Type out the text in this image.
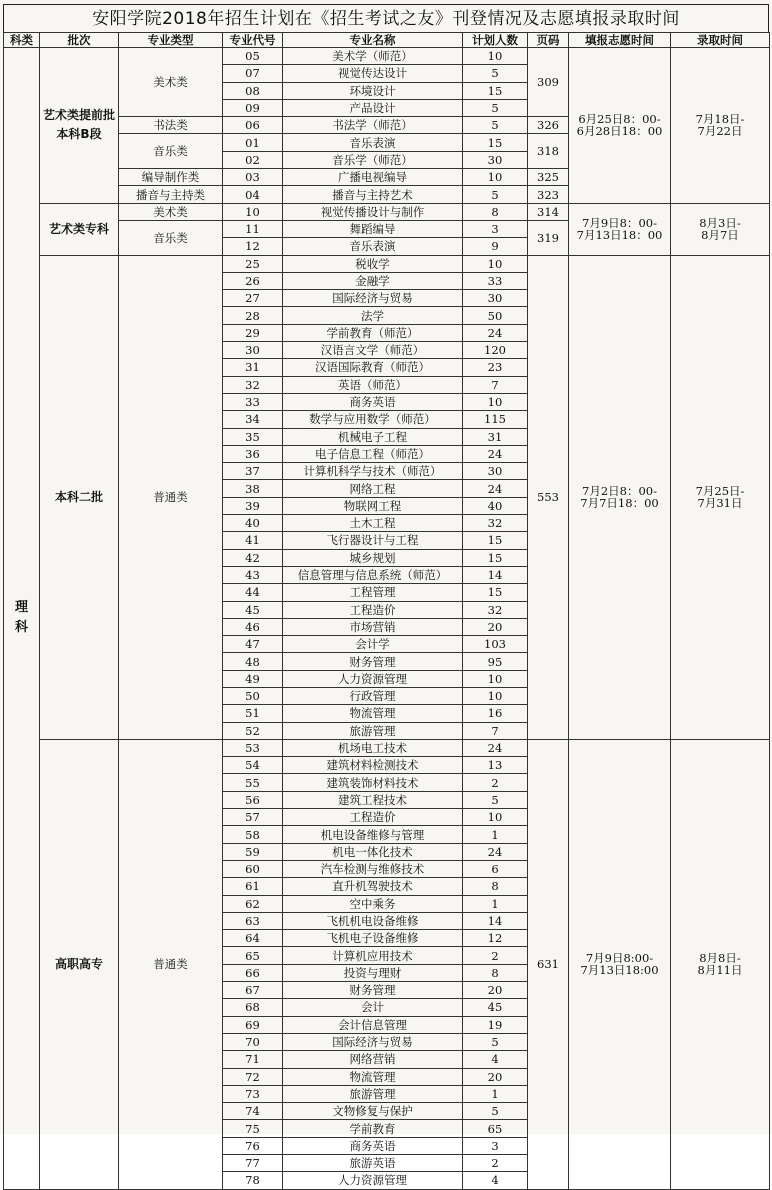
安阳学院2018年招生计划在《招生考试之友》刊登情况及志愿填报录取时间
科类	批次	专业类型	专业代号	专业名称	计划人数	页码	填报志愿时间	录取时间

理
科	艺术类提前批本科B段	美术类	05	美术学（师范）	10	309	6月25日8：00-
6月28日18：00	7月18日-
7月22日

			07	视觉传达设计	5			
			08	环境设计	15			
			09	产品设计	5			
		书法类	06	书法学（师范）	5	326		
		音乐类	01	音乐表演	15	318		
			02	音乐学（师范）	30			
		编导制作类	03	广播电视编导	10	325		
		播音与主持类	04	播音与主持艺术	5	323		
	艺术类专科	美术类	10	视觉传播设计与制作	8	314	7月9日8：00-
7月13日18：00	8月3日-
8月7日

		音乐类	11	舞蹈编导	3	319		
			12	音乐表演	9			
	本科二批	普通类	25	税收学	10	553	7月2日8：00-
7月7日18：00	7月25日-
7月31日

			26	金融学	33			
			27	国际经济与贸易	30			
			28	法学	50			
			29	学前教育（师范）	24			
			30	汉语言文学（师范）	120			
			31	汉语国际教育（师范）	23			
			32	英语（师范）	7			
			33	商务英语	10			
			34	数学与应用数学（师范）	115			
			35	机械电子工程	31			
			36	电子信息工程（师范）	24			
			37	计算机科学与技术（师范）	30			
			38	网络工程	24			
			39	物联网工程	40			
			40	土木工程	32			
			41	飞行器设计与工程	15			
			42	城乡规划	15			
			43	信息管理与信息系统（师范）	14			
			44	工程管理	15			
			45	工程造价	32			
			46	市场营销	20			
			47	会计学	103			
			48	财务管理	95			
			49	人力资源管理	10			
			50	行政管理	10			
			51	物流管理	16			
			52	旅游管理	7			
	高职高专	普通类	53	机场电工技术	24	631	7月9日8:00-
7月13日18:00	8月8日-
8月11日

			54	建筑材料检测技术	13			
			55	建筑装饰材料技术	2			
			56	建筑工程技术	5			
			57	工程造价	10			
			58	机电设备维修与管理	1			
			59	机电一体化技术	24			
			60	汽车检测与维修技术	6			
			61	直升机驾驶技术	8			
			62	空中乘务	1			
			63	飞机机电设备维修	14			
			64	飞机电子设备维修	12			
			65	计算机应用技术	2			
			66	投资与理财	8			
			67	财务管理	20			
			68	会计	45			
			69	会计信息管理	19			
			70	国际经济与贸易	5			
			71	网络营销	4			
			72	物流管理	20			
			73	旅游管理	1			
			74	文物修复与保护	5			
			75	学前教育	65			
			76	商务英语	3			
			77	旅游英语	2			
			78	人力资源管理	4			
